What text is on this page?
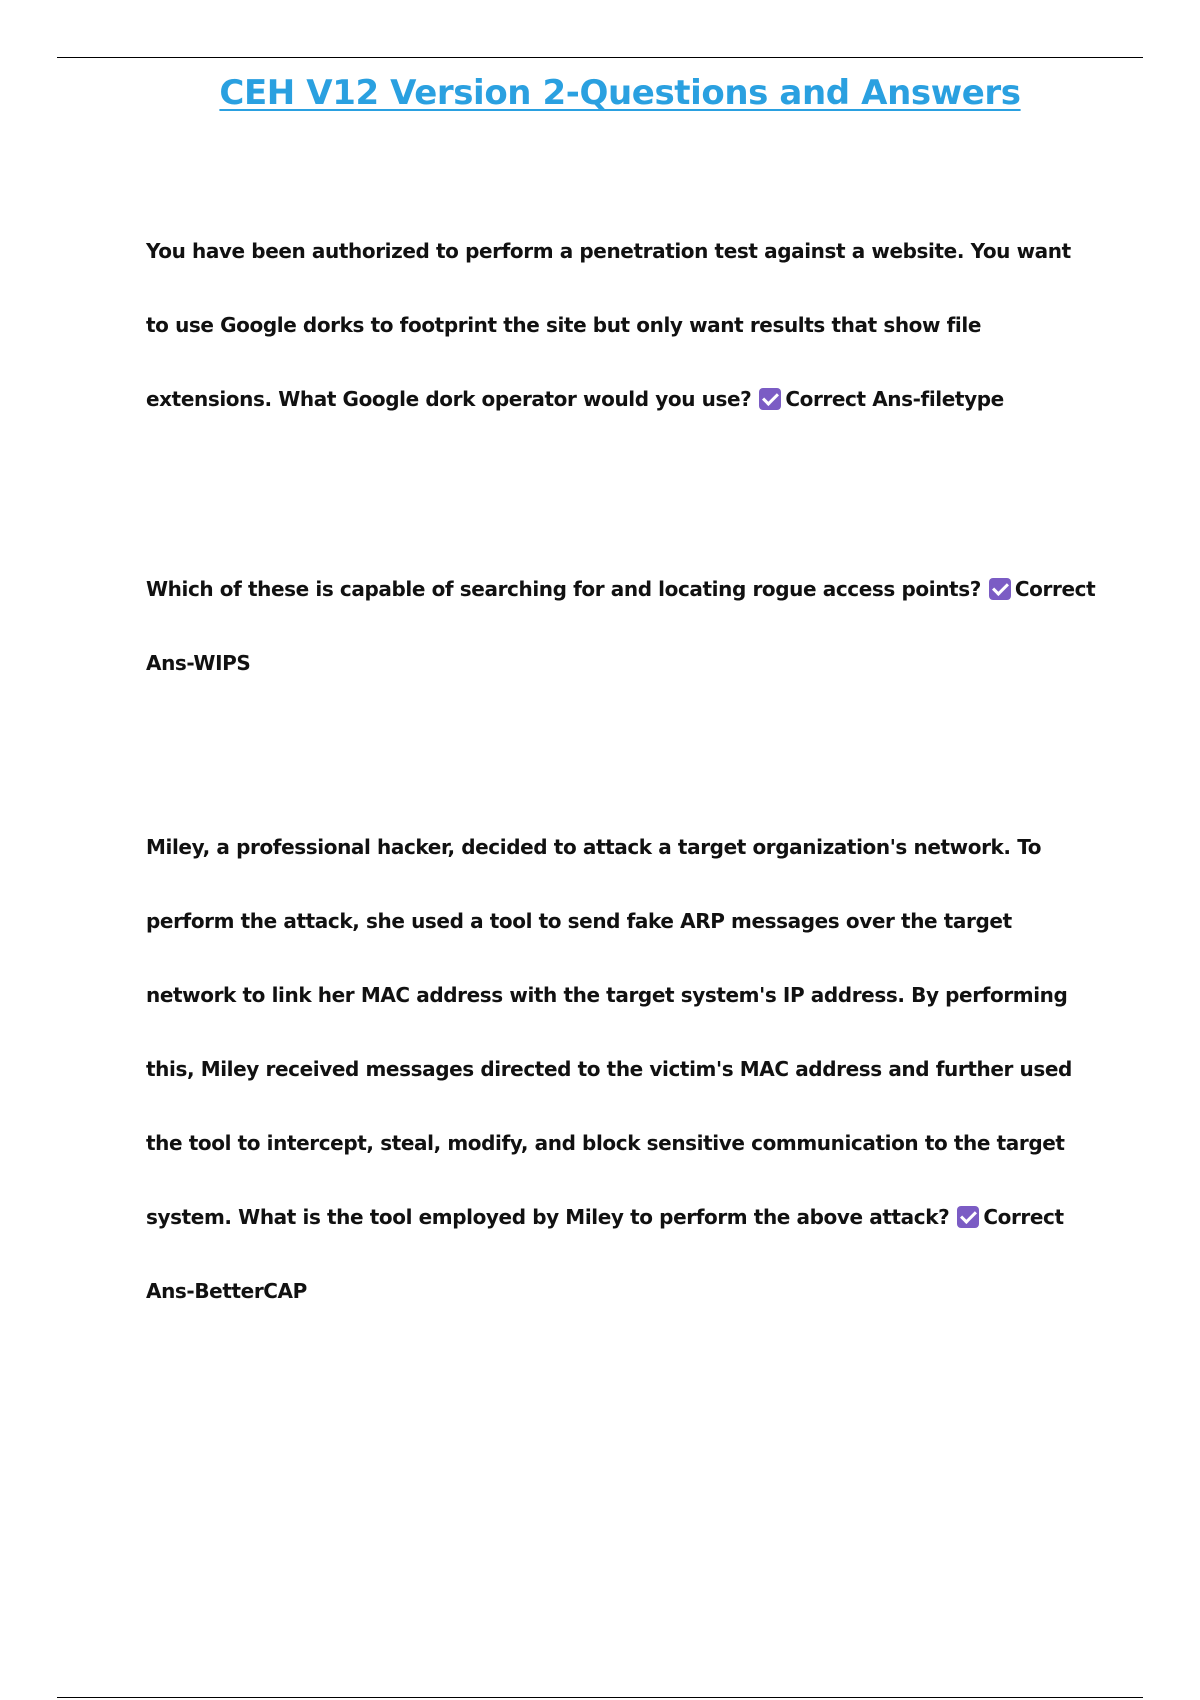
CEH V12 Version 2-Questions and Answers
You have been authorized to perform a penetration test against a website. You want to use Google dorks to footprint the site but only want results that show file extensions. What Google dork operator would you use? Correct Ans-filetype
Which of these is capable of searching for and locating rogue access points? Correct Ans-WIPS
Miley, a professional hacker, decided to attack a target organization's network. To perform the attack, she used a tool to send fake ARP messages over the target network to link her MAC address with the target system's IP address. By performing this, Miley received messages directed to the victim's MAC address and further used the tool to intercept, steal, modify, and block sensitive communication to the target system. What is the tool employed by Miley to perform the above attack? Correct Ans-BetterCAP
